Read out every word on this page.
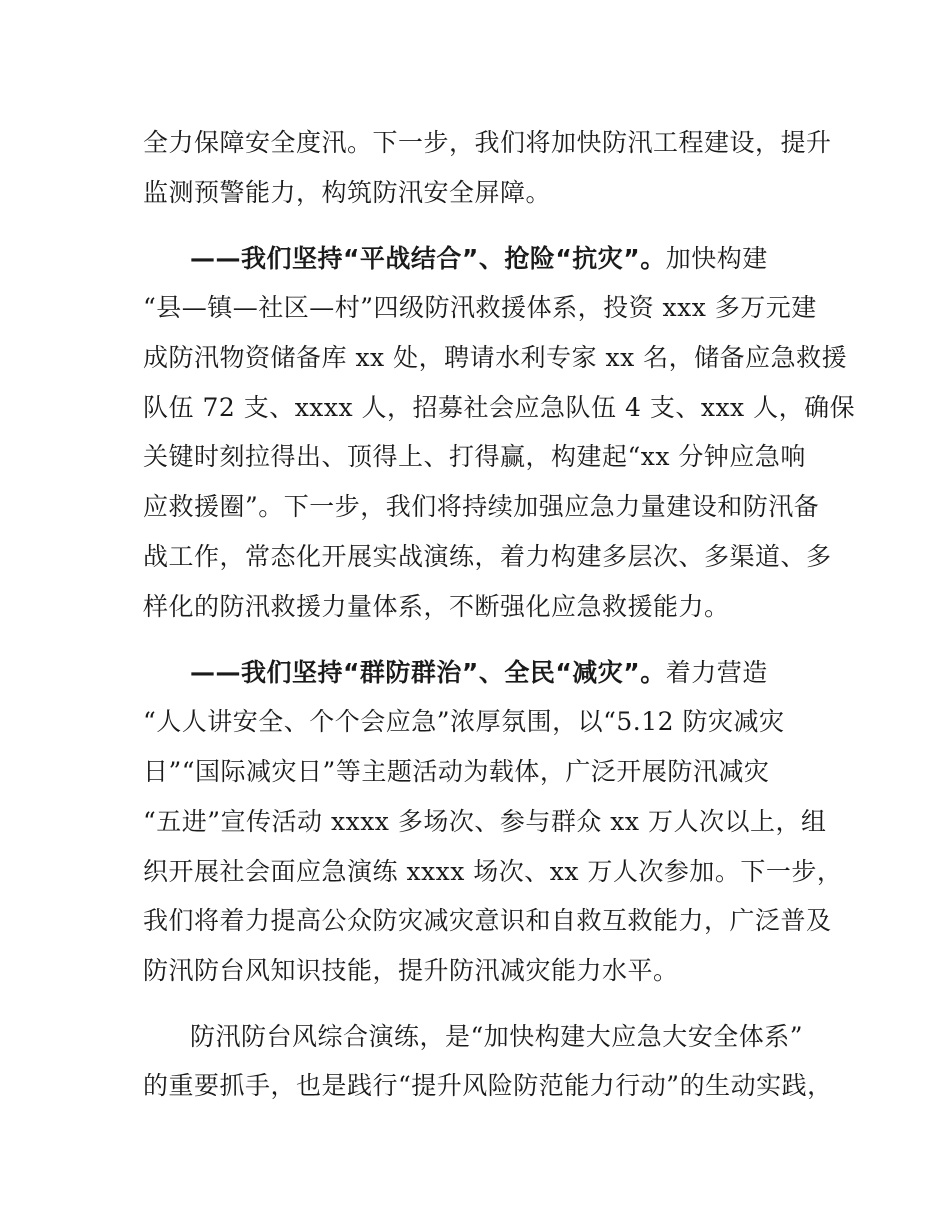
全力保障安全度汛。下一步，我们将加快防汛工程建设，提升
监测预警能力，构筑防汛安全屏障。
——我们坚持“平战结合”、抢险“抗灾”。加快构建
“县—镇—社区—村”四级防汛救援体系，投资 xxx 多万元建
成防汛物资储备库 xx 处，聘请水利专家 xx 名，储备应急救援
队伍 72 支、xxxx 人，招募社会应急队伍 4 支、xxx 人，确保
关键时刻拉得出、顶得上、打得赢，构建起“xx 分钟应急响
应救援圈”。下一步，我们将持续加强应急力量建设和防汛备
战工作，常态化开展实战演练，着力构建多层次、多渠道、多
样化的防汛救援力量体系，不断强化应急救援能力。
——我们坚持“群防群治”、全民“减灾”。着力营造
“人人讲安全、个个会应急”浓厚氛围，以“5.12 防灾减灾
日”“国际减灾日”等主题活动为载体，广泛开展防汛减灾
“五进”宣传活动 xxxx 多场次、参与群众 xx 万人次以上，组
织开展社会面应急演练 xxxx 场次、xx 万人次参加。下一步，
我们将着力提高公众防灾减灾意识和自救互救能力，广泛普及
防汛防台风知识技能，提升防汛减灾能力水平。
防汛防台风综合演练，是“加快构建大应急大安全体系”
的重要抓手，也是践行“提升风险防范能力行动”的生动实践，
